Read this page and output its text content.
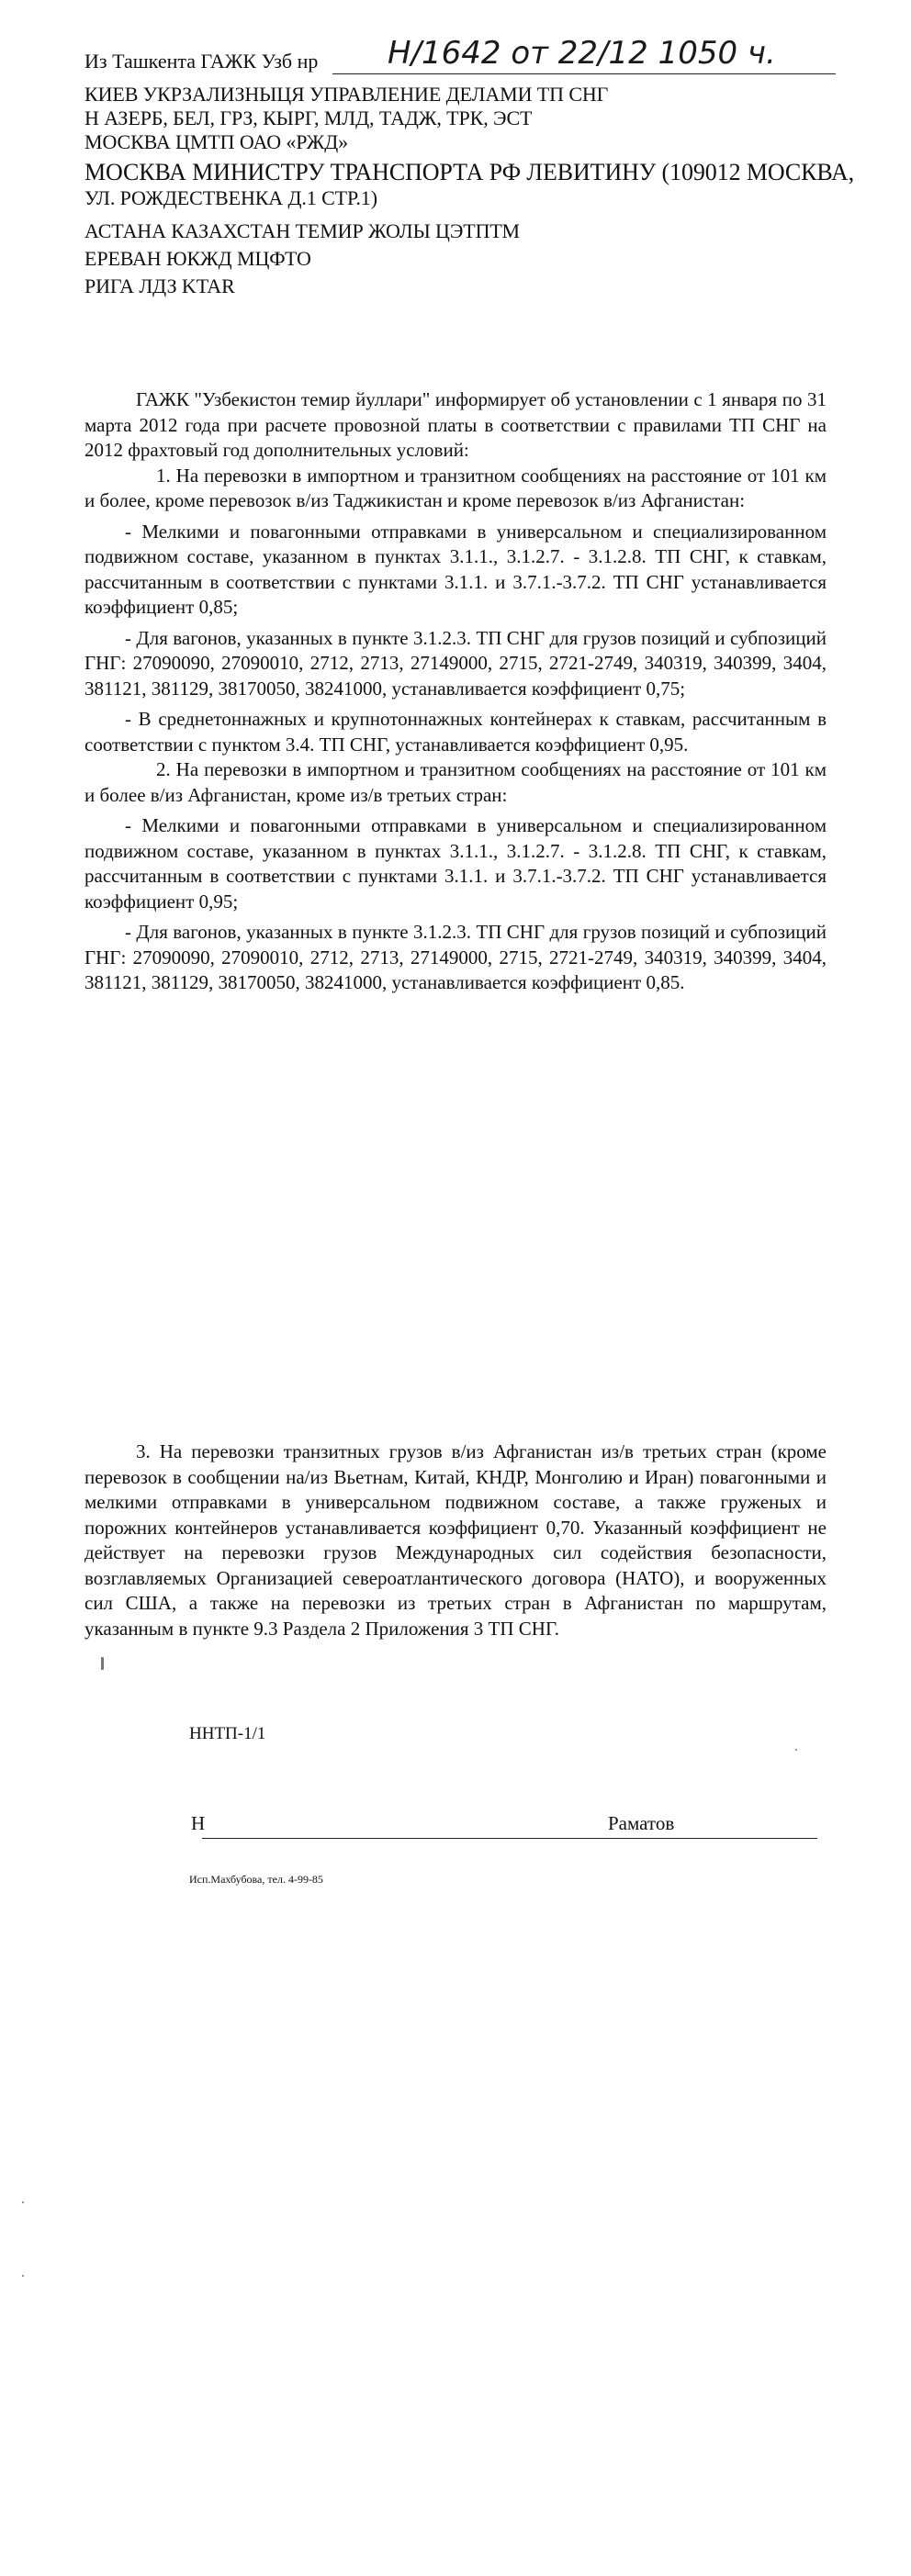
Из Ташкента ГАЖК Узб нр Н/1642 от 22/12 1050 ч.
КИЕВ УКРЗАЛИЗНЫЦЯ УПРАВЛЕНИЕ ДЕЛАМИ ТП СНГ
Н АЗЕРБ, БЕЛ, ГРЗ, КЫРГ, МЛД, ТАДЖ, ТРК, ЭСТ
МОСКВА ЦМТП ОАО «РЖД»
МОСКВА МИНИСТРУ ТРАНСПОРТА РФ ЛЕВИТИНУ (109012 МОСКВА,
УЛ. РОЖДЕСТВЕНКА Д.1 СТР.1)
АСТАНА КАЗАХСТАН ТЕМИР ЖОЛЫ ЦЭТПТМ
ЕРЕВАН ЮКЖД МЦФТО
РИГА ЛДЗ KTAR

ГАЖК "Узбекистон темир йуллари" информирует об установлении с 1 января по 31 марта 2012 года при расчете провозной платы в соответствии с правилами ТП СНГ на 2012 фрахтовый год дополнительных условий:

1. На перевозки в импортном и транзитном сообщениях на расстояние от 101 км и более, кроме перевозок в/из Таджикистан и кроме перевозок в/из Афганистан:

- Мелкими и повагонными отправками в универсальном и специализированном подвижном составе, указанном в пунктах 3.1.1., 3.1.2.7. - 3.1.2.8. ТП СНГ, к ставкам, рассчитанным в соответствии с пунктами 3.1.1. и 3.7.1.-3.7.2. ТП СНГ устанавливается коэффициент 0,85;

- Для вагонов, указанных в пункте 3.1.2.3. ТП СНГ для грузов позиций и субпозиций ГНГ: 27090090, 27090010, 2712, 2713, 27149000, 2715, 2721-2749, 340319, 340399, 3404, 381121, 381129, 38170050, 38241000, устанавливается коэффициент 0,75;

- В среднетоннажных и крупнотоннажных контейнерах к ставкам, рассчитанным в соответствии с пунктом 3.4. ТП СНГ, устанавливается коэффициент 0,95.

2. На перевозки в импортном и транзитном сообщениях на расстояние от 101 км и более в/из Афганистан, кроме из/в третьих стран:

- Мелкими и повагонными отправками в универсальном и специализированном подвижном составе, указанном в пунктах 3.1.1., 3.1.2.7. - 3.1.2.8. ТП СНГ, к ставкам, рассчитанным в соответствии с пунктами 3.1.1. и 3.7.1.-3.7.2. ТП СНГ устанавливается коэффициент 0,95;

- Для вагонов, указанных в пункте 3.1.2.3. ТП СНГ для грузов позиций и субпозиций ГНГ: 27090090, 27090010, 2712, 2713, 27149000, 2715, 2721-2749, 340319, 340399, 3404, 381121, 381129, 38170050, 38241000, устанавливается коэффициент 0,85.

3. На перевозки транзитных грузов в/из Афганистан из/в третьих стран (кроме перевозок в сообщении на/из Вьетнам, Китай, КНДР, Монголию и Иран) повагонными и мелкими отправками в универсальном подвижном составе, а также груженых и порожних контейнеров устанавливается коэффициент 0,70. Указанный коэффициент не действует на перевозки грузов Международных сил содействия безопасности, возглавляемых Организацией североатлантического договора (НАТО), и вооруженных сил США, а также на перевозки из третьих стран в Афганистан по маршрутам, указанным в пункте 9.3 Раздела 2 Приложения 3 ТП СНГ.

НHТП-1/1
Н	Раматов
Исп.Махбубова, тел. 4-99-85
